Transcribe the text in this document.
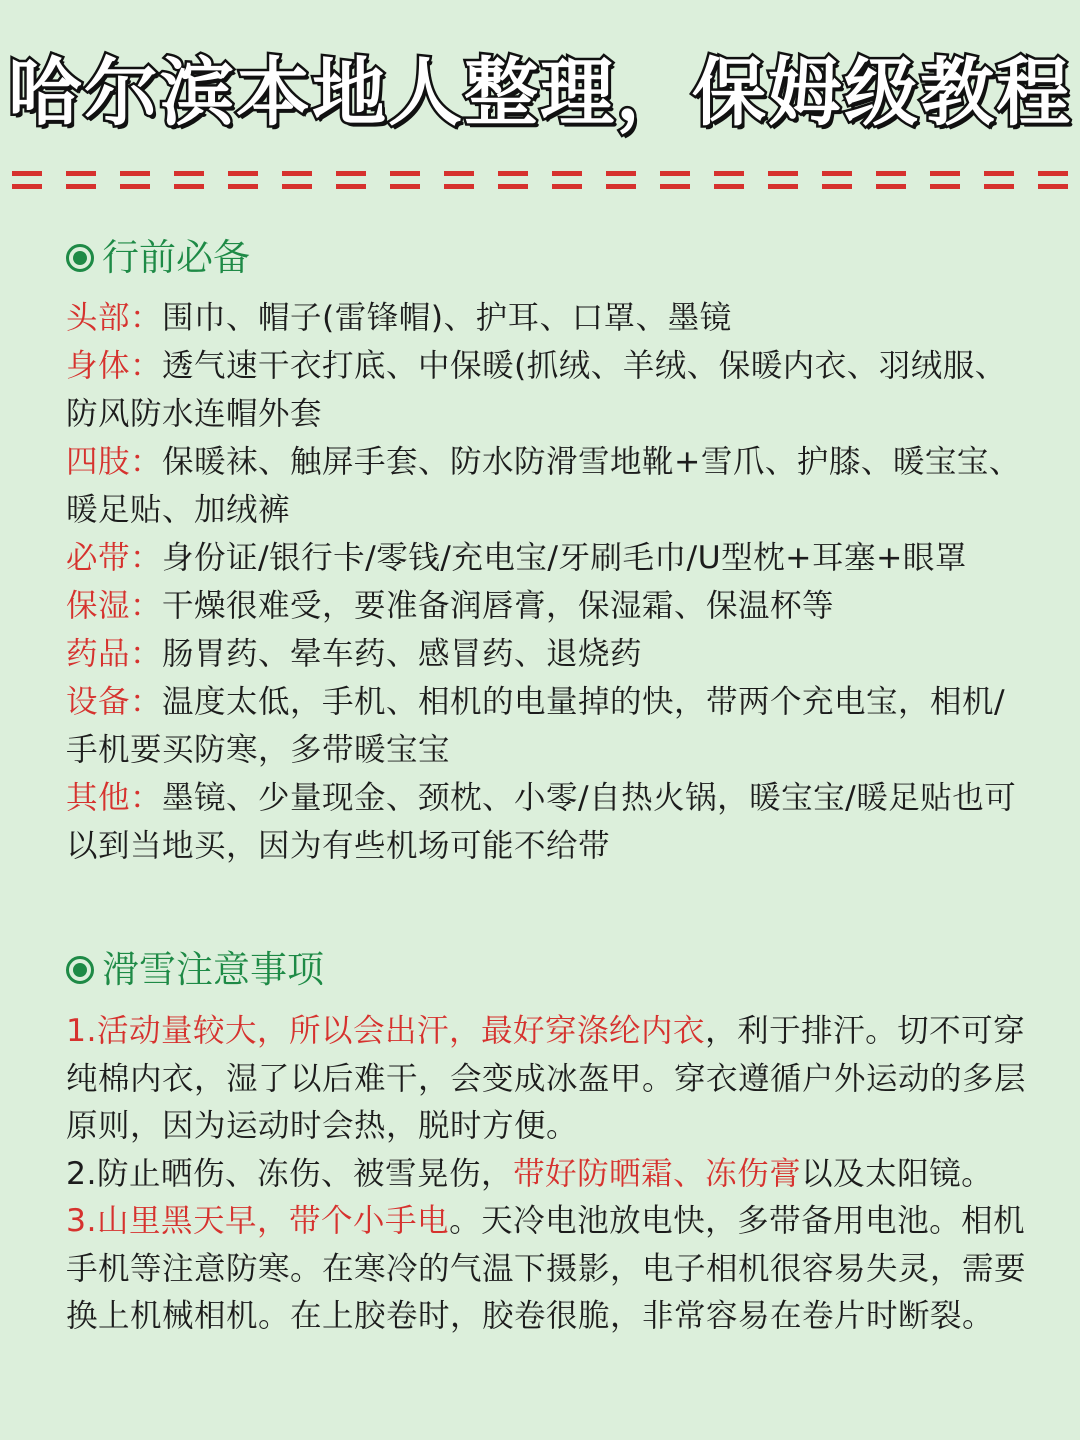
哈尔滨本地人整理，保姆级教程
行前必备

头部：围巾、帽子(雷锋帽)、护耳、口罩、墨镜

身体：透气速干衣打底、中保暖(抓绒、羊绒、保暖内衣、羽绒服、防风防水连帽外套

四肢：保暖袜、触屏手套、防水防滑雪地靴+雪爪、护膝、暖宝宝、暖足贴、加绒裤

必带：身份证/银行卡/零钱/充电宝/牙刷毛巾/U型枕+耳塞+眼罩

保湿：干燥很难受，要准备润唇膏，保湿霜、保温杯等

药品：肠胃药、晕车药、感冒药、退烧药

设备：温度太低，手机、相机的电量掉的快，带两个充电宝，相机/手机要买防寒，多带暖宝宝

其他：墨镜、少量现金、颈枕、小零/自热火锅，暖宝宝/暖足贴也可以到当地买，因为有些机场可能不给带

滑雪注意事项

1.活动量较大，所以会出汗，最好穿涤纶内衣，利于排汗。切不可穿纯棉内衣，湿了以后难干，会变成冰盔甲。穿衣遵循户外运动的多层原则，因为运动时会热，脱时方便。

2.防止晒伤、冻伤、被雪晃伤，带好防晒霜、冻伤膏以及太阳镜。

3.山里黑天早，带个小手电。天冷电池放电快，多带备用电池。相机手机等注意防寒。在寒冷的气温下摄影，电子相机很容易失灵，需要换上机械相机。在上胶卷时，胶卷很脆，非常容易在卷片时断裂。
